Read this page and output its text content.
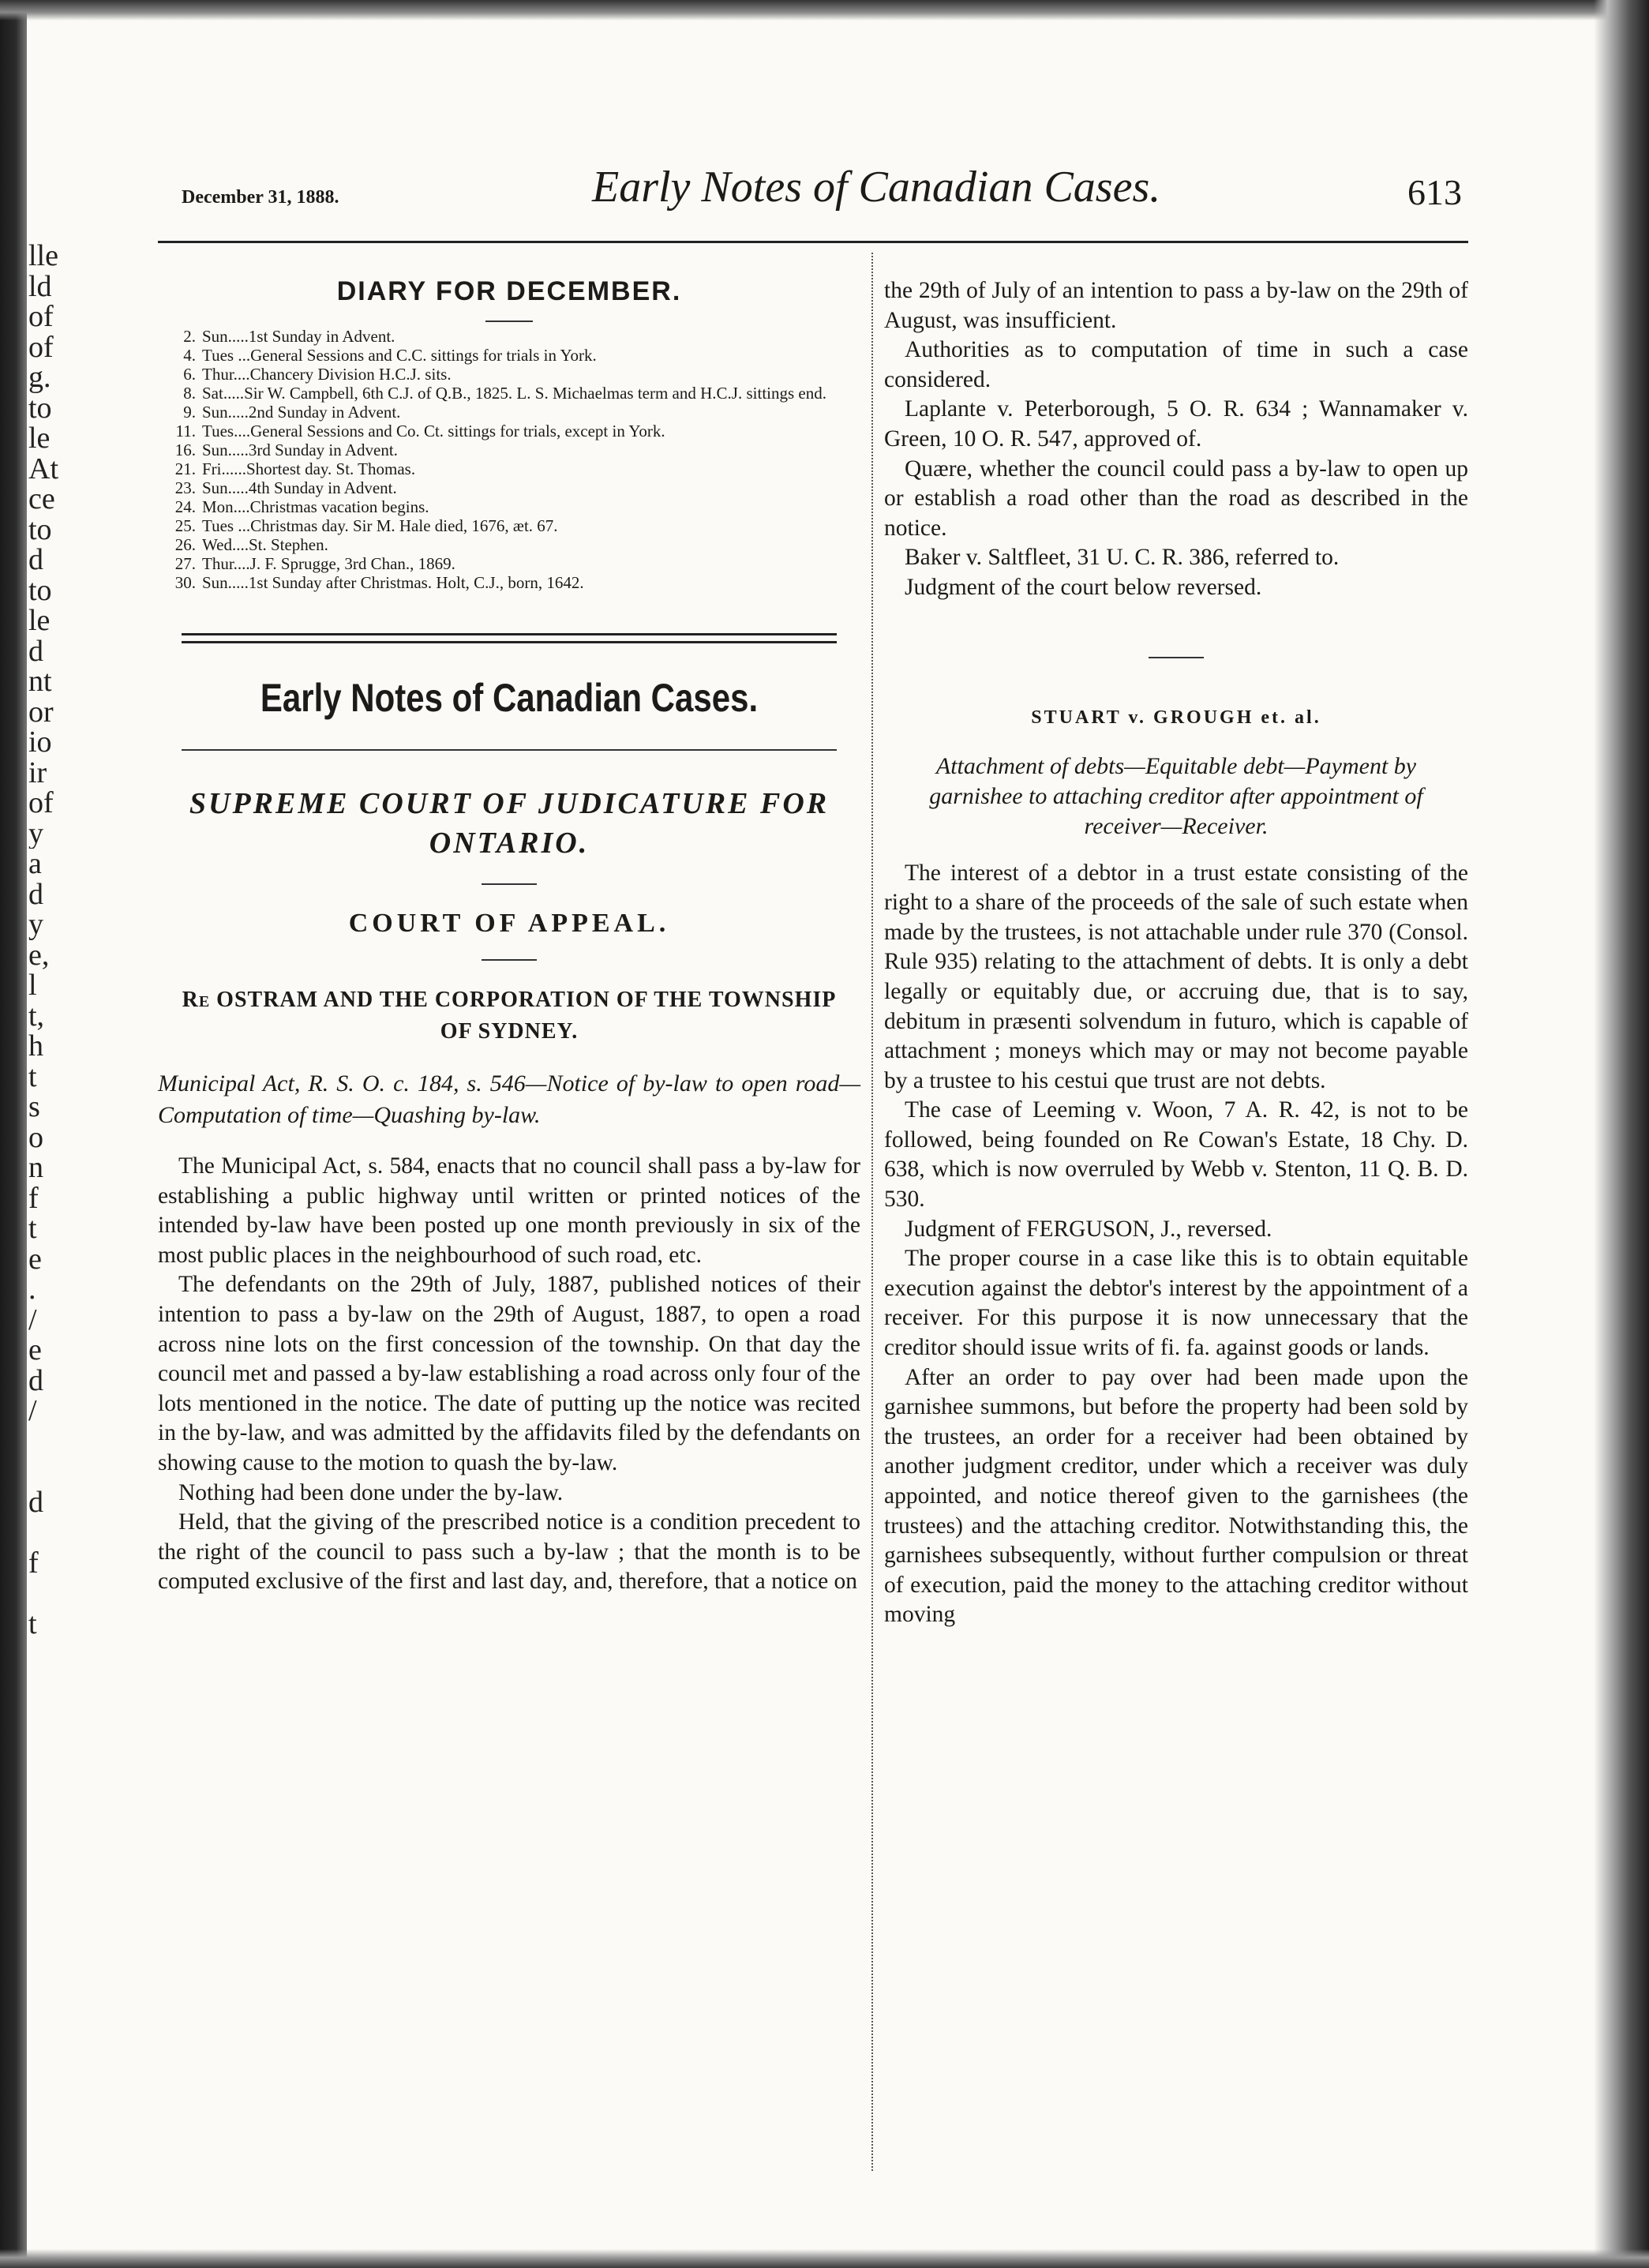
lle
ld
of
of
g.
to
le
At
ce
to
d
to
le
d
nt
or
io
ir
of
y
a
d
y
e,
l
t,
h
t
s
o
n
f
t
e
.
/
e
d
/
d
f
t
December 31, 1888.	Early Notes of Canadian Cases.	613
DIARY FOR DECEMBER.
2. Sun.....1st Sunday in Advent.
4. Tues ...General Sessions and C.C. sittings for trials in York.
6. Thur....Chancery Division H.C.J. sits.
8. Sat.....Sir W. Campbell, 6th C.J. of Q.B., 1825. L. S. Michaelmas term and H.C.J. sittings end.
9. Sun.....2nd Sunday in Advent.
11. Tues....General Sessions and Co. Ct. sittings for trials, except in York.
16. Sun.....3rd Sunday in Advent.
21. Fri......Shortest day. St. Thomas.
23. Sun.....4th Sunday in Advent.
24. Mon....Christmas vacation begins.
25. Tues ...Christmas day. Sir M. Hale died, 1676, æt. 67.
26. Wed....St. Stephen.
27. Thur....J. F. Sprugge, 3rd Chan., 1869.
30. Sun.....1st Sunday after Christmas. Holt, C.J., born, 1642.
Early Notes of Canadian Cases.
SUPREME COURT OF JUDICATURE FOR ONTARIO.
COURT OF APPEAL.
Re OSTRAM AND THE CORPORATION OF THE TOWNSHIP OF SYDNEY.
Municipal Act, R. S. O. c. 184, s. 546—Notice of by-law to open road—Computation of time—Quashing by-law.

The Municipal Act, s. 584, enacts that no council shall pass a by-law for establishing a public highway until written or printed notices of the intended by-law have been posted up one month previously in six of the most public places in the neighbourhood of such road, etc.

The defendants on the 29th of July, 1887, published notices of their intention to pass a by-law on the 29th of August, 1887, to open a road across nine lots on the first concession of the township. On that day the council met and passed a by-law establishing a road across only four of the lots mentioned in the notice. The date of putting up the notice was recited in the by-law, and was admitted by the affidavits filed by the defendants on showing cause to the motion to quash the by-law.

Nothing had been done under the by-law.

Held, that the giving of the prescribed notice is a condition precedent to the right of the council to pass such a by-law ; that the month is to be computed exclusive of the first and last day, and, therefore, that a notice on

the 29th of July of an intention to pass a by-law on the 29th of August, was insufficient.

Authorities as to computation of time in such a case considered.

Laplante v. Peterborough, 5 O. R. 634 ; Wannamaker v. Green, 10 O. R. 547, approved of.

Quære, whether the council could pass a by-law to open up or establish a road other than the road as described in the notice.

Baker v. Saltfleet, 31 U. C. R. 386, referred to.

Judgment of the court below reversed.

STUART v. GROUGH et. al.
Attachment of debts—Equitable debt—Payment by garnishee to attaching creditor after appointment of receiver—Receiver.

The interest of a debtor in a trust estate consisting of the right to a share of the proceeds of the sale of such estate when made by the trustees, is not attachable under rule 370 (Consol. Rule 935) relating to the attachment of debts. It is only a debt legally or equitably due, or accruing due, that is to say, debitum in præsenti solvendum in futuro, which is capable of attachment ; moneys which may or may not become payable by a trustee to his cestui que trust are not debts.

The case of Leeming v. Woon, 7 A. R. 42, is not to be followed, being founded on Re Cowan's Estate, 18 Chy. D. 638, which is now overruled by Webb v. Stenton, 11 Q. B. D. 530.

Judgment of FERGUSON, J., reversed.

The proper course in a case like this is to obtain equitable execution against the debtor's interest by the appointment of a receiver. For this purpose it is now unnecessary that the creditor should issue writs of fi. fa. against goods or lands.

After an order to pay over had been made upon the garnishee summons, but before the property had been sold by the trustees, an order for a receiver had been obtained by another judgment creditor, under which a receiver was duly appointed, and notice thereof given to the garnishees (the trustees) and the attaching creditor. Notwithstanding this, the garnishees subsequently, without further compulsion or threat of execution, paid the money to the attaching creditor without moving
